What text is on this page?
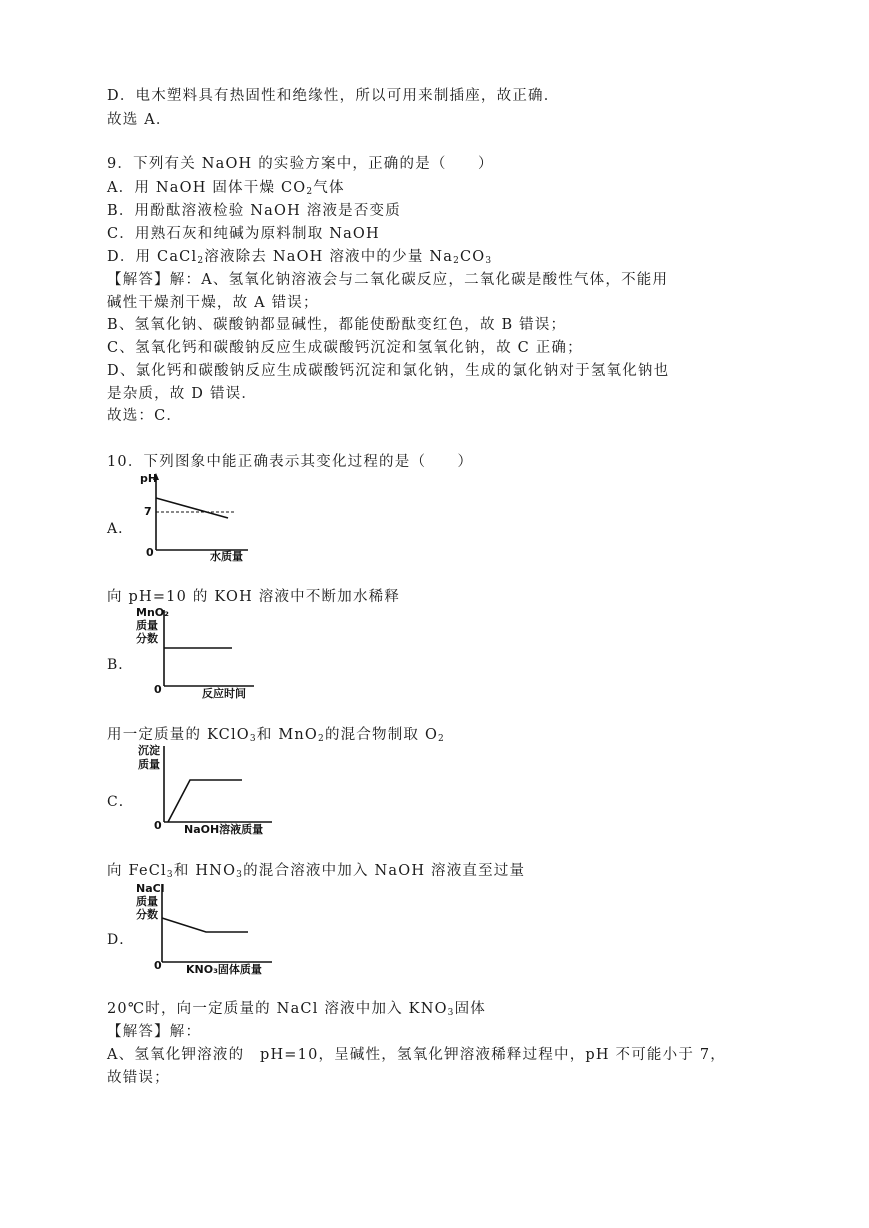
D．电木塑料具有热固性和绝缘性，所以可用来制插座，故正确．
故选 A．
9．下列有关 NaOH 的实验方案中，正确的是（　　）
A．用 NaOH 固体干燥 $CO_2$气体
B．用酚酞溶液检验 NaOH 溶液是否变质
C．用熟石灰和纯碱为原料制取 NaOH
D．用 CaCl$_2$溶液除去 NaOH 溶液中的少量 $Na_2CO_3$
【解答】解：A、氢氧化钠溶液会与二氧化碳反应，二氧化碳是酸性气体，不能用
碱性干燥剂干燥，故 A 错误；
B、氢氧化钠、碳酸钠都显碱性，都能使酚酞变红色，故 B 错误；
C、氢氧化钙和碳酸钠反应生成碳酸钙沉淀和氢氧化钠，故 C 正确；
D、氯化钙和碳酸钠反应生成碳酸钙沉淀和氯化钠，生成的氯化钠对于氢氧化钠也
是杂质，故 D 错误．
故选：C．
10．下列图象中能正确表示其变化过程的是（　　）
A．
pH
7
0	水质量
向 pH=10 的 KOH 溶液中不断加水稀释
B．
MnO₂
质量
分数
0	反应时间
用一定质量的 KClO$_3$和 MnO$_2$的混合物制取 $O_2$
C．
沉淀
质量
0 NaOH溶液质量
向 FeCl$_3$和 $HNO_3$的混合溶液中加入 NaOH 溶液直至过量
D．
NaCl
质量
分数
0 KNO₃固体质量
20℃时，向一定质量的 NaCl 溶液中加入 $KNO_3$固体
【解答】解：
A、氢氧化钾溶液的　pH=10，呈碱性，氢氧化钾溶液稀释过程中，pH 不可能小于 7，
故错误；
